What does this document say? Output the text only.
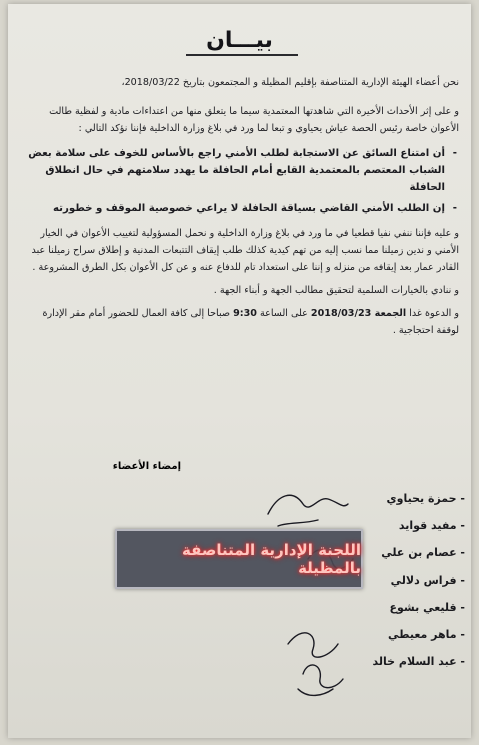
بيـــان

نحن أعضاء الهيئة الإدارية المتناصفة بإقليم المظيلة و المجتمعون بتاريخ 2018/03/22،

و على إثر الأحداث الأخيرة التي شاهدتها المعتمدية سيما ما يتعلق منها من اعتداءات مادية و لفظية طالت الأعوان خاصة رئيس الحصة عياش يحياوي و تبعا لما ورد في بلاغ وزارة الداخلية فإننا نؤكد التالي :

-
أن امتناع السائق عن الاستجابة لطلب الأمني راجع بالأساس للخوف على سلامة بعض الشباب المعتصم بالمعتمدية القابع أمام الحافلة ما يهدد سلامتهم في حال انطلاق الحافلة
-
إن الطلب الأمني القاضي بسياقة الحافلة لا يراعي خصوصية الموقف و خطورته

و عليه فإننا ننفي نفيا قطعيا في ما ورد في بلاغ وزارة الداخلية و نحمل المسؤولية لتغييب الأعوان في الخيار الأمني و ندين زميلنا مما نسب إليه من تهم كيدية كذلك طلب إيقاف التتبعات المدنية و إطلاق سراح زميلنا عبد القادر عمار بعد إيقافه من منزله و إننا على استعداد تام للدفاع عنه و عن كل الأعوان بكل الطرق المشروعة .

و ننادي بالخيارات السلمية لتحقيق مطالب الجهة و أبناء الجهة .

و الدعوة غدا الجمعة 2018/03/23 على الساعة 9:30 صباحا إلى كافة العمال للحضور أمام مقر الإدارة لوقفة احتجاجية .

إمضاء الأعضاء
- حمزة يحياوي
- مفيد قوايد
- عصام بن علي
- فراس دلالي
- قليعي بشوع
- ماهر معيطي
- عبد السلام خالد
اللجنة الإدارية المتناصفة بالمظيلة
